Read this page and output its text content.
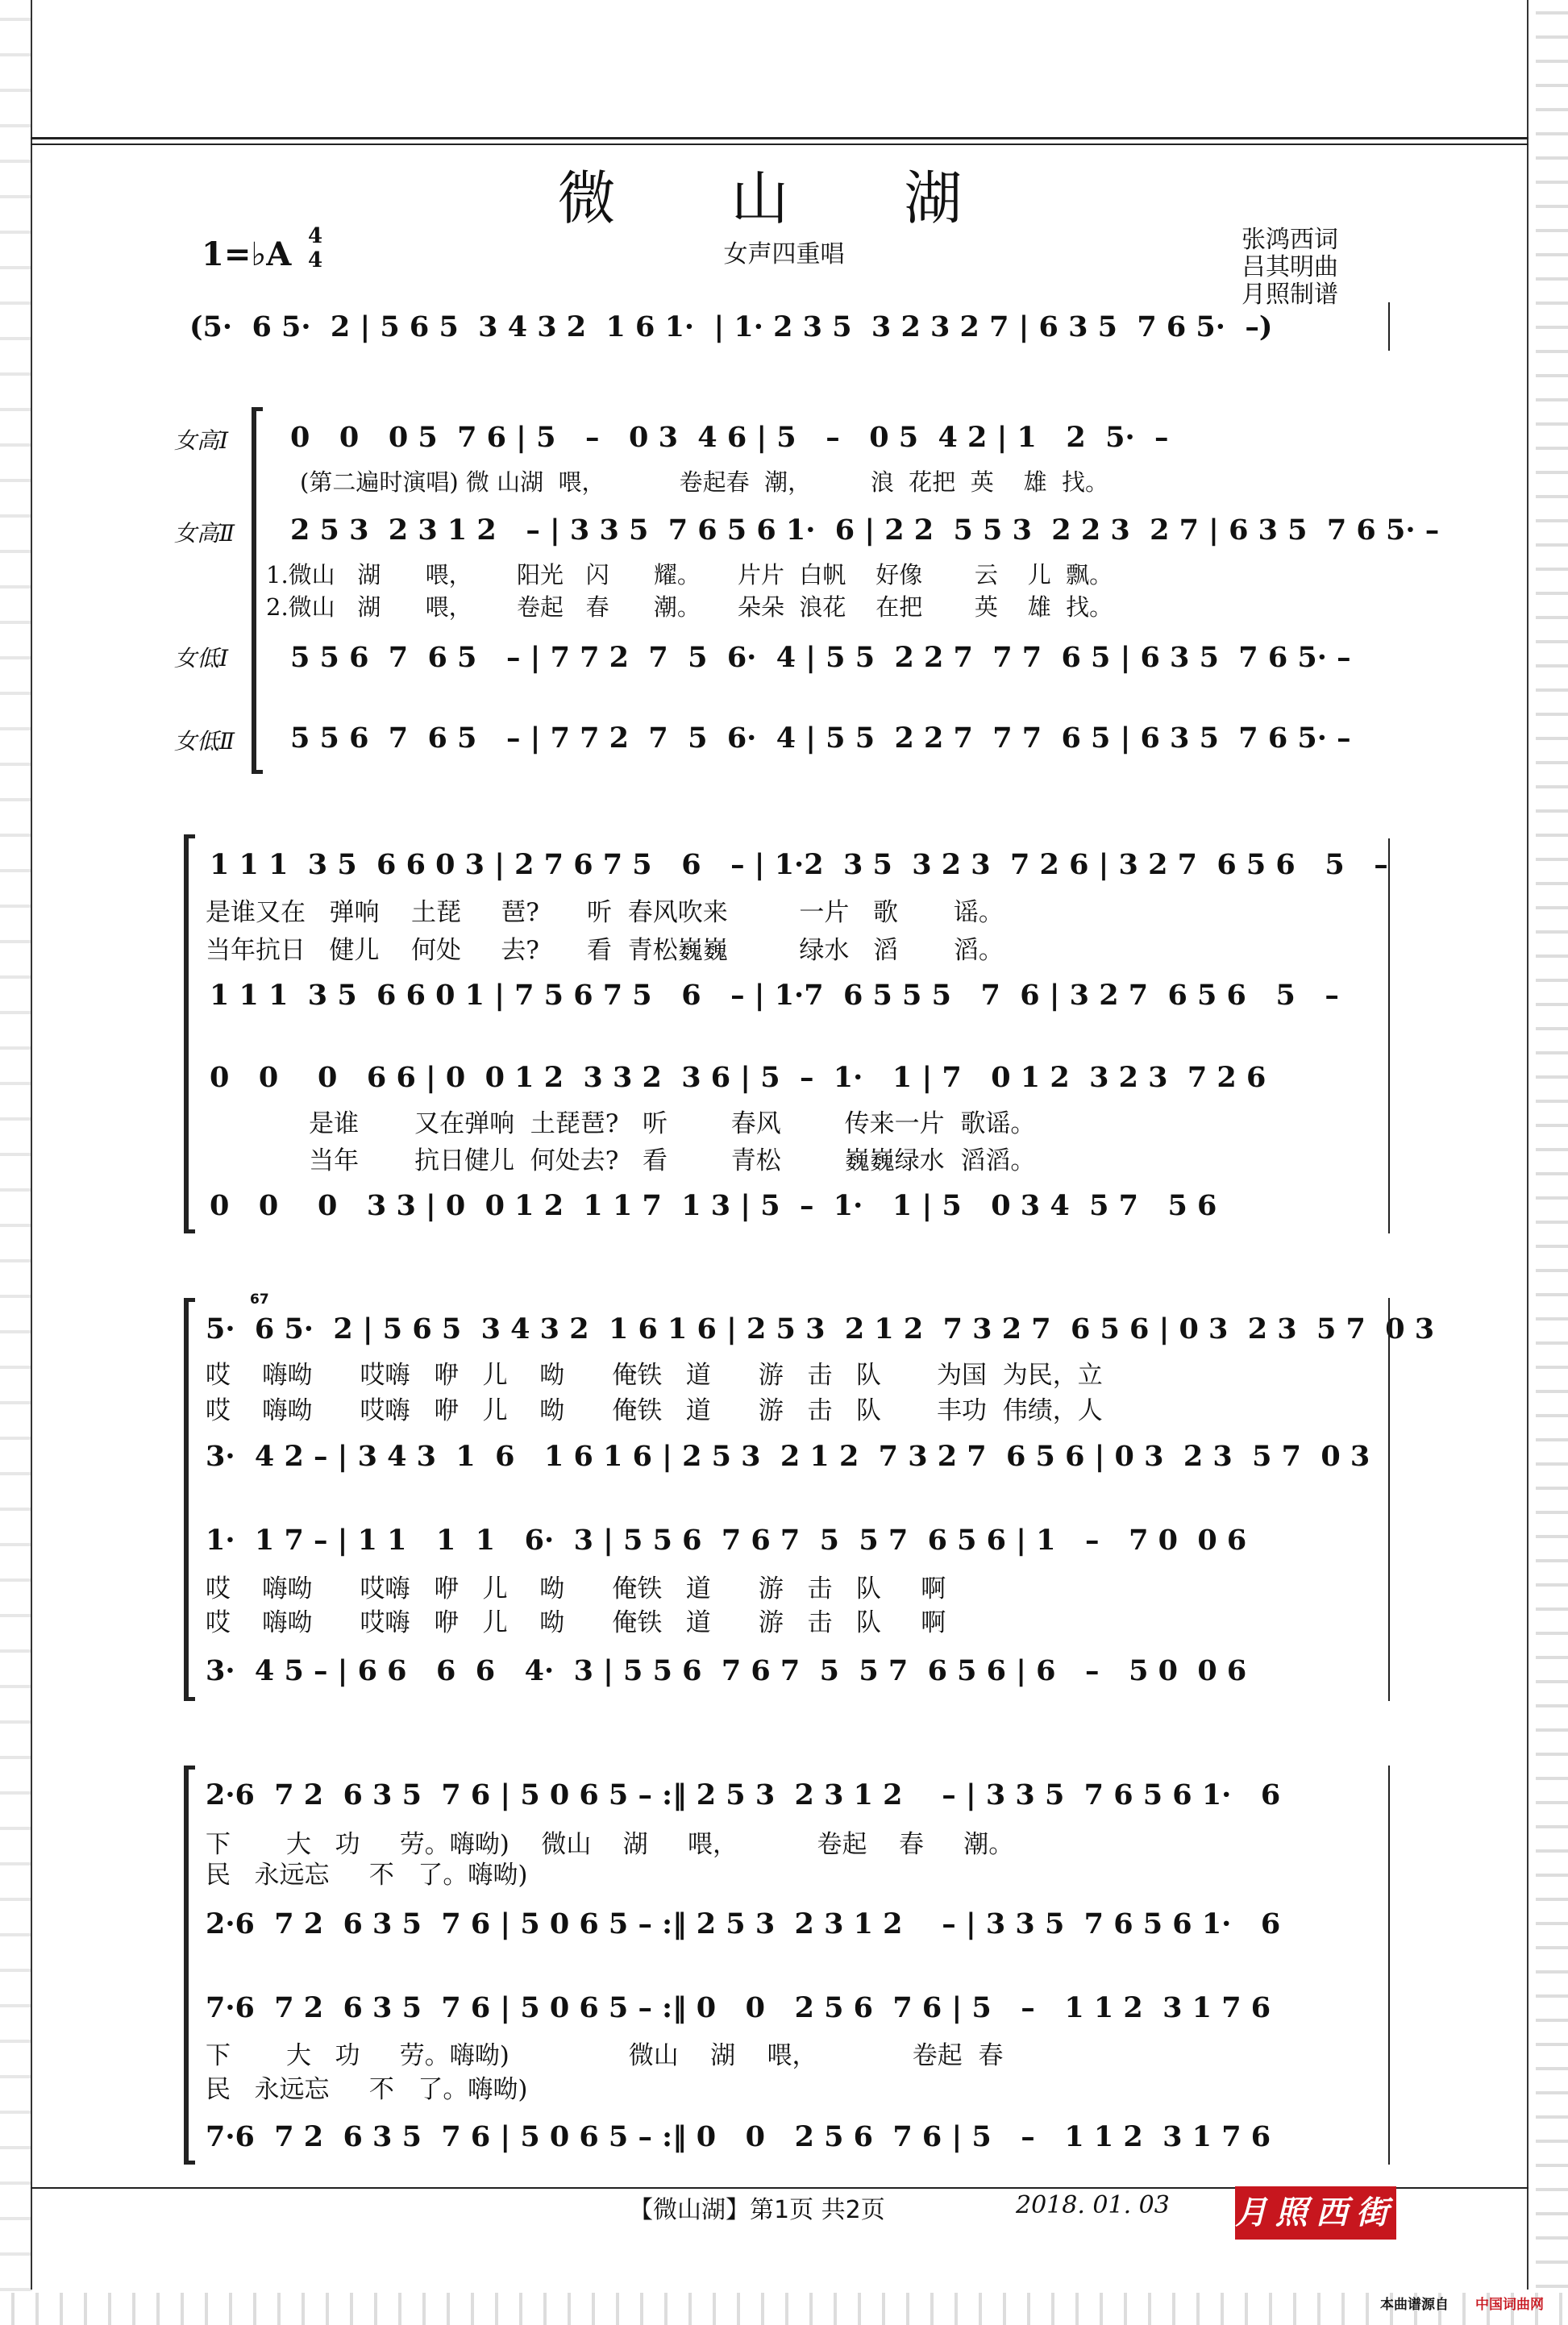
微 山 湖
1=♭A 4
4	女声四重唱
张鸿西词
吕其明曲
月照制谱
(5·  6 5·  2 | 5 6 5  3 4 3 2  1 6 1·  | 1· 2 3 5  3 2 3 2 7 | 6 3 5  7 6 5·  –)
女高Ⅰ
女高Ⅱ
女低Ⅰ
女低Ⅱ
0   0   0 5  7 6 | 5   –   0 3  4 6 | 5   –   0 5  4 2 | 1   2  5·  –
(第二遍时演唱) 微 山湖  喂，          卷起春  潮，        浪  花把  英    雄  找。
2 5 3  2 3 1 2   – | 3 3 5  7 6 5 6 1·  6 | 2 2  5 5 3  2 2 3  2 7 | 6 3 5  7 6 5· –
1.微山   湖      喂，      阳光   闪      耀。     片片  白帆    好像       云    儿  飘。
2.微山   湖      喂，      卷起   春      潮。     朵朵  浪花    在把       英    雄  找。
5 5 6  7  6 5   – | 7 7 2  7  5  6·  4 | 5 5  2 2 7  7 7  6 5 | 6 3 5  7 6 5· –
5 5 6  7  6 5   – | 7 7 2  7  5  6·  4 | 5 5  2 2 7  7 7  6 5 | 6 3 5  7 6 5· –
1 1 1  3 5  6 6 0 3 | 2 7 6 7 5   6   – | 1·2  3 5  3 2 3  7 2 6 | 3 2 7  6 5 6   5   –
是谁又在   弹响    土琵     琶?      听  春风吹来         一片   歌       谣。
当年抗日   健儿    何处     去?      看  青松巍巍         绿水   滔       滔。
1 1 1  3 5  6 6 0 1 | 7 5 6 7 5   6   – | 1·7  6 5 5 5   7  6 | 3 2 7  6 5 6   5   –
0   0    0   6 6 | 0  0 1 2  3 3 2  3 6 | 5  –  1·   1 | 7   0 1 2  3 2 3  7 2 6
是谁       又在弹响  土琵琶?   听        春风        传来一片  歌谣。
当年       抗日健儿  何处去?   看        青松        巍巍绿水  滔滔。
0   0    0   3 3 | 0  0 1 2  1 1 7  1 3 | 5  –  1·   1 | 5   0 3 4  5 7   5 6
67
5·  6 5·  2 | 5 6 5  3 4 3 2  1 6 1 6 | 2 5 3  2 1 2  7 3 2 7  6 5 6 | 0 3  2 3  5 7  0 3
哎    嗨呦      哎嗨   咿   儿    呦      俺铁   道      游   击   队       为国  为民，立
哎    嗨呦      哎嗨   咿   儿    呦      俺铁   道      游   击   队       丰功  伟绩，人
3·  4 2 – | 3 4 3  1  6   1 6 1 6 | 2 5 3  2 1 2  7 3 2 7  6 5 6 | 0 3  2 3  5 7  0 3
1·  1 7 – | 1 1   1  1   6·  3 | 5 5 6  7 6 7  5  5 7  6 5 6 | 1   –   7 0  0 6
哎    嗨呦      哎嗨   咿   儿    呦      俺铁   道      游   击   队     啊
哎    嗨呦      哎嗨   咿   儿    呦      俺铁   道      游   击   队     啊
3·  4 5 – | 6 6   6  6   4·  3 | 5 5 6  7 6 7  5  5 7  6 5 6 | 6   –   5 0  0 6
2·6  7 2  6 3 5  7 6 | 5 0 6 5 – :‖ 2 5 3  2 3 1 2    – | 3 3 5  7 6 5 6 1·   6
下       大   功     劳。嗨呦)    微山    湖     喂，          卷起    春     潮。
民   永远忘     不   了。嗨呦)
2·6  7 2  6 3 5  7 6 | 5 0 6 5 – :‖ 2 5 3  2 3 1 2    – | 3 3 5  7 6 5 6 1·   6
7·6  7 2  6 3 5  7 6 | 5 0 6 5 – :‖ 0   0   2 5 6  7 6 | 5   –   1 1 2  3 1 7 6
下       大   功     劳。嗨呦)               微山    湖    喂，            卷起  春
民   永远忘     不   了。嗨呦)
7·6  7 2  6 3 5  7 6 | 5 0 6 5 – :‖ 0   0   2 5 6  7 6 | 5   –   1 1 2  3 1 7 6
【微山湖】第1页 共2页	2018. 01. 03 月照西街
本曲谱源自 中国词曲网
